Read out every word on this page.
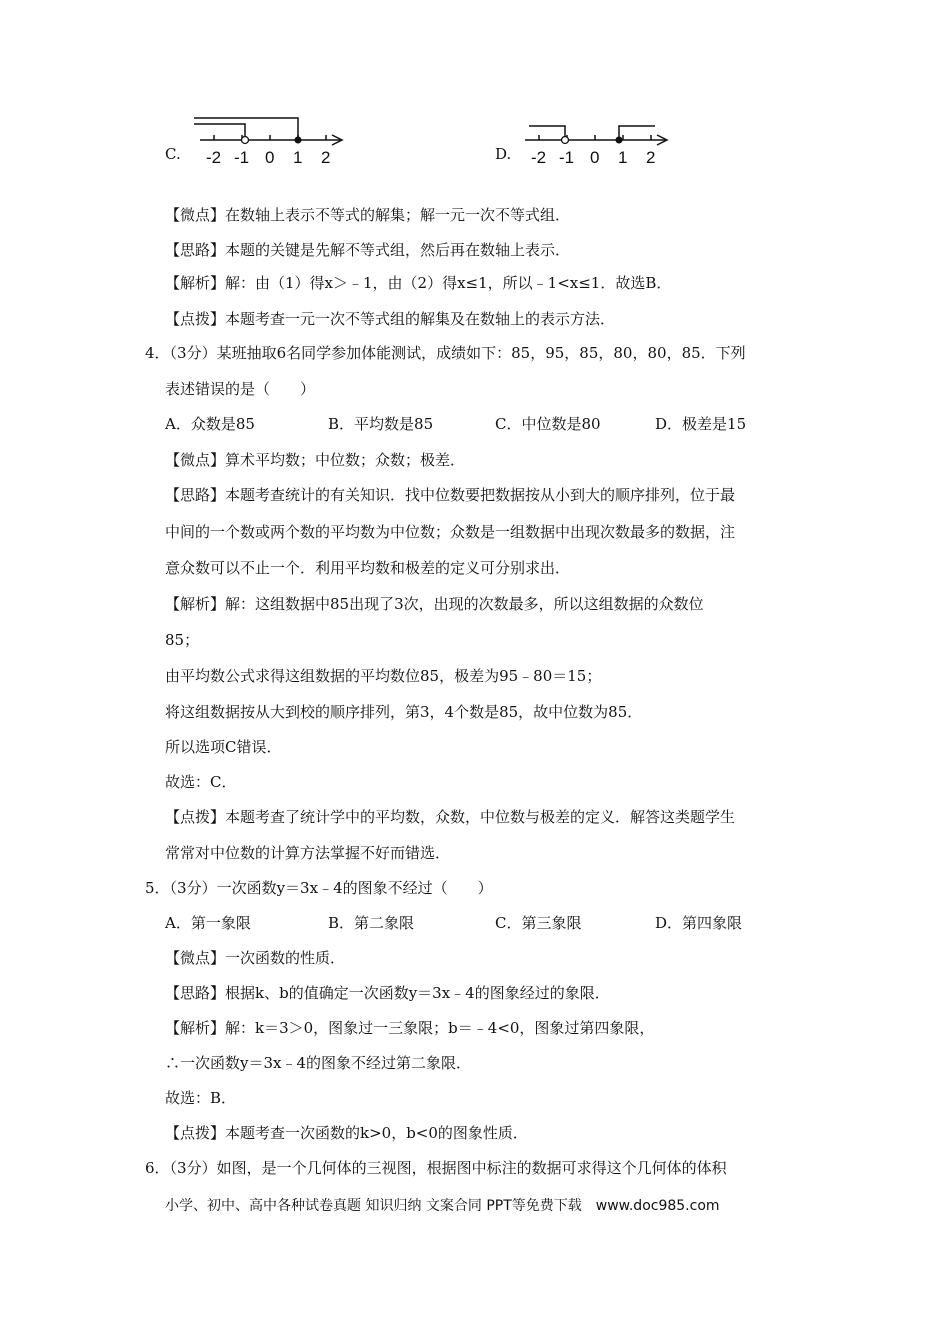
C. -2 -1 0 1 2	D. -2 -1 0 1 2
【微点】在数轴上表示不等式的解集；解一元一次不等式组．
【思路】本题的关键是先解不等式组，然后再在数轴上表示．
【解析】解：由（1）得x＞﹣1，由（2）得x≤1，所以﹣1<x≤1．故选B．
【点拨】本题考查一元一次不等式组的解集及在数轴上的表示方法．
4．（3分）某班抽取6名同学参加体能测试，成绩如下：85，95，85，80，80，85．下列
表述错误的是（　　）
A．众数是85	B．平均数是85	C．中位数是80	D．极差是15
【微点】算术平均数；中位数；众数；极差．
【思路】本题考查统计的有关知识．找中位数要把数据按从小到大的顺序排列，位于最
中间的一个数或两个数的平均数为中位数；众数是一组数据中出现次数最多的数据，注
意众数可以不止一个．利用平均数和极差的定义可分别求出．
【解析】解：这组数据中85出现了3次，出现的次数最多，所以这组数据的众数位
85；
由平均数公式求得这组数据的平均数位85，极差为95﹣80＝15；
将这组数据按从大到校的顺序排列，第3，4个数是85，故中位数为85．
所以选项C错误．
故选：C．
【点拨】本题考查了统计学中的平均数，众数，中位数与极差的定义．解答这类题学生
常常对中位数的计算方法掌握不好而错选．
5．（3分）一次函数y＝3x﹣4的图象不经过（　　）
A．第一象限	B．第二象限	C．第三象限	D．第四象限
【微点】一次函数的性质．
【思路】根据k、b的值确定一次函数y＝3x﹣4的图象经过的象限．
【解析】解：k＝3＞0，图象过一三象限；b＝﹣4<0，图象过第四象限，
∴一次函数y＝3x﹣4的图象不经过第二象限．
故选：B．
【点拨】本题考查一次函数的k>0，b<0的图象性质．
6．（3分）如图，是一个几何体的三视图，根据图中标注的数据可求得这个几何体的体积
小学、初中、高中各种试卷真题 知识归纳 文案合同 PPT等免费下载　www.doc985.com
